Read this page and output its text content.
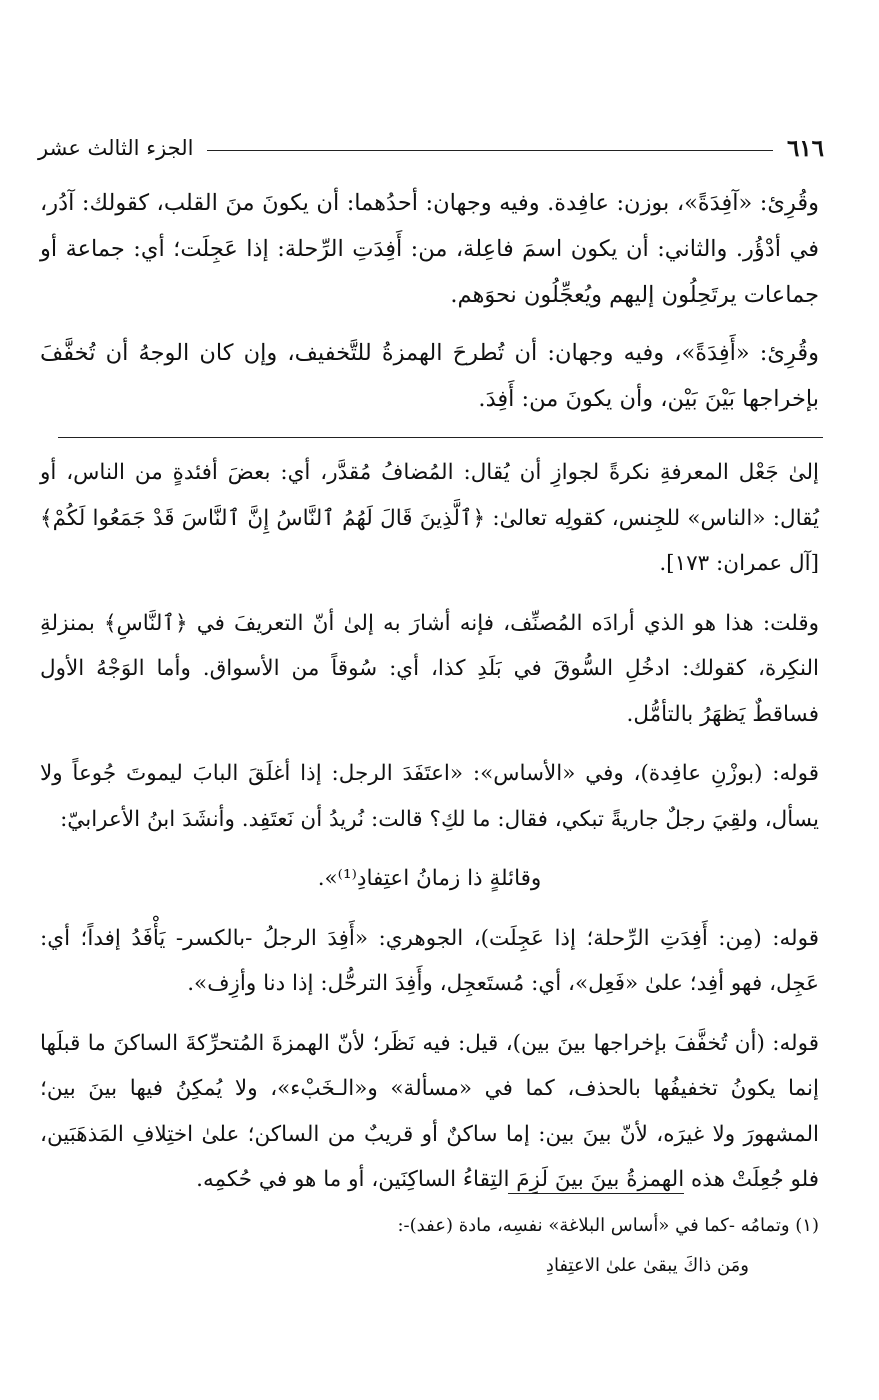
الجزء الثالث عشر	٦١٦

وقُرِئ: «آفِدَةً»، بوزن: عافِدة. وفيه وجهان: أحدُهما: أن يكونَ منَ القلب، كقولك: آدُر، في أدْؤُر. والثاني: أن يكون اسمَ فاعِلة، من: أَفِدَتِ الرِّحلة: إذا عَجِلَت؛ أي: جماعة أو جماعات يرتَحِلُون إليهم ويُعجِّلُون نحوَهم.

وقُرِئ: «أَفِدَةً»، وفيه وجهان: أن تُطرحَ الهمزةُ للتَّخفيف، وإن كان الوجهُ أن تُخفَّفَ بإخراجها بَيْنَ بَيْن، وأن يكونَ من: أَفِدَ.

إلىٰ جَعْل المعرفةِ نكرةً لجوازِ أن يُقال: المُضافُ مُقدَّر، أي: بعضَ أفئدةٍ من الناس، أو يُقال: «الناس» للجِنس، كقولِه تعالىٰ: ﴿ٱلَّذِينَ قَالَ لَهُمُ ٱلنَّاسُ إِنَّ ٱلنَّاسَ قَدْ جَمَعُوا لَكُمْ﴾ [آل عمران: ١٧٣].

وقلت: هذا هو الذي أرادَه المُصنِّف، فإنه أشارَ به إلىٰ أنّ التعريفَ في ﴿ٱلنَّاسِ﴾ بمنزلةِ النكِرة، كقولك: ادخُلِ السُّوقَ في بَلَدِ كذا، أي: سُوقاً من الأسواق. وأما الوَجْهُ الأول فساقطٌ يَظهَرُ بالتأمُّل.

قوله: (بوزْنِ عافِدة)، وفي «الأساس»: «اعتَفَدَ الرجل: إذا أغلَقَ البابَ ليموتَ جُوعاً ولا يسأل، ولقِيَ رجلٌ جاريةً تبكي، فقال: ما لكِ؟ قالت: نُريدُ أن نَعتَفِد. وأنشَدَ ابنُ الأعرابيّ:

وقائلةٍ ذا زمانُ اعتِفادِ⁽¹⁾».

قوله: (مِن: أَفِدَتِ الرِّحلة؛ إذا عَجِلَت)، الجوهري: «أَفِدَ الرجلُ -بالكسر- يَأْفَدُ إفداً؛ أي: عَجِل، فهو أفِد؛ علىٰ «فَعِل»، أي: مُستَعجِل، وأَفِدَ الترحُّل: إذا دنا وأزِف».

قوله: (أن تُخفَّفَ بإخراجها بينَ بين)، قيل: فيه نَظَر؛ لأنّ الهمزةَ المُتحرِّكةَ الساكنَ ما قبلَها إنما يكونُ تخفيفُها بالحذف، كما في «مسألة» و«الـخَبْء»، ولا يُمكِنُ فيها بينَ بين؛ المشهورَ ولا غيرَه، لأنّ بينَ بين: إما ساكنٌ أو قريبٌ من الساكن؛ علىٰ اختِلافِ المَذهَبَين، فلو جُعِلَتْ هذه الهمزةُ بينَ بينَ لَزِمَ التِقاءُ الساكِنَين، أو ما هو في حُكمِه.

(١) وتمامُه -كما في «أساس البلاغة» نفسِه، مادة (عفد)-:

ومَن ذاكَ يبقىٰ علىٰ الاعتِفادِ
